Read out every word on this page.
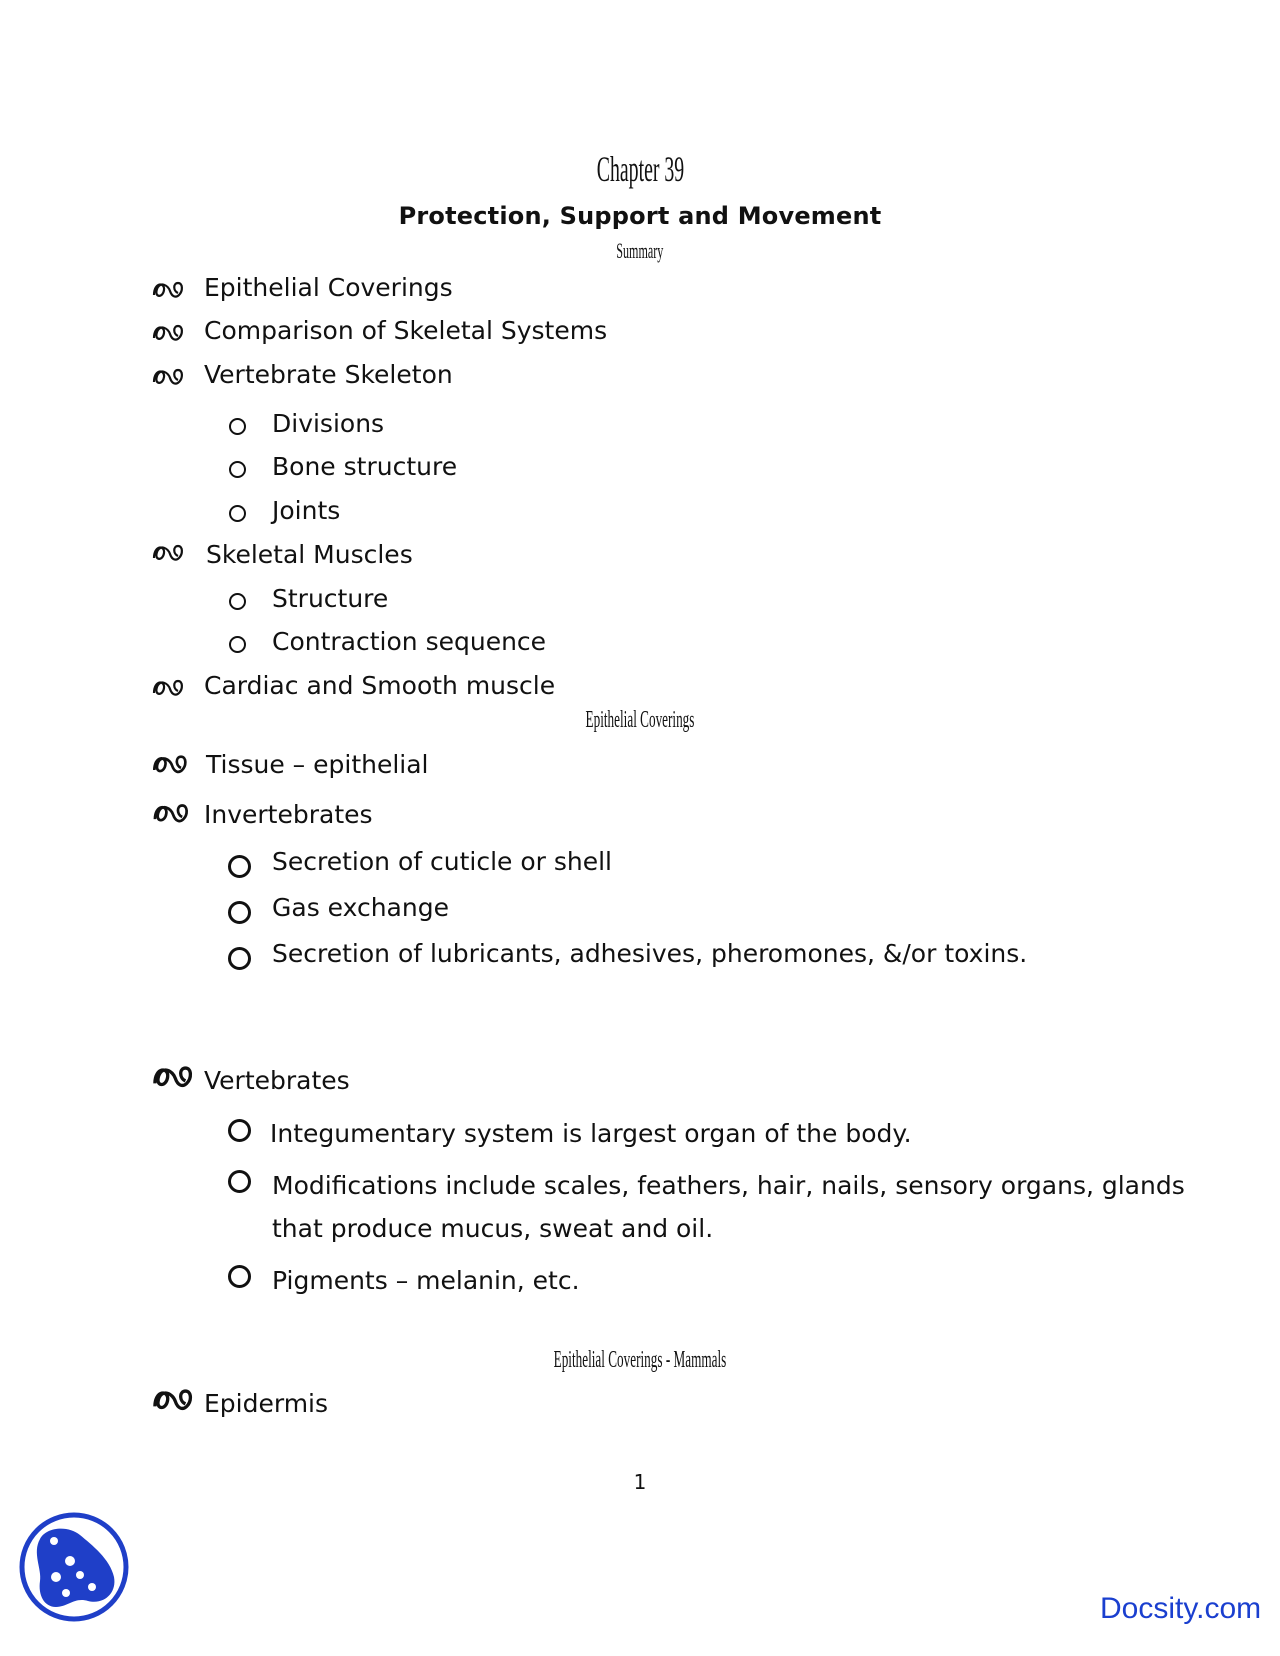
Chapter 39
Protection, Support and Movement
Summary
Epithelial Coverings
Comparison of Skeletal Systems
Vertebrate Skeleton
Divisions
Bone structure
Joints
Skeletal Muscles
Structure
Contraction sequence
Cardiac and Smooth muscle
Epithelial Coverings
Tissue – epithelial
Invertebrates
Secretion of cuticle or shell
Gas exchange
Secretion of lubricants, adhesives, pheromones, &/or toxins.
Vertebrates
Integumentary system is largest organ of the body.
Modifications include scales, feathers, hair, nails, sensory organs, glands
that produce mucus, sweat and oil.
Pigments – melanin, etc.
Epithelial Coverings - Mammals
Epidermis
1
Docsity.com
